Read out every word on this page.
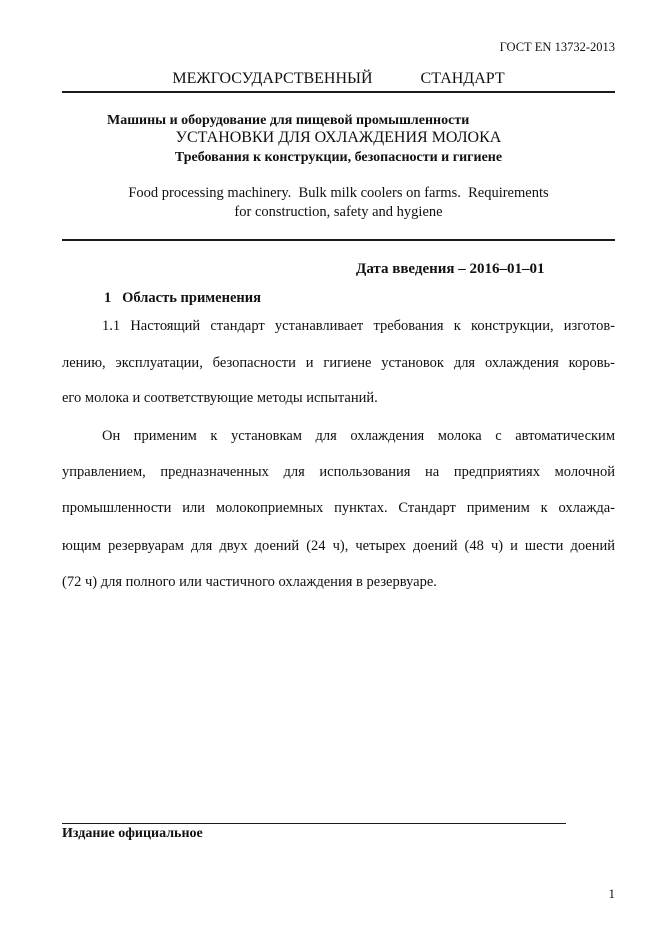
ГОСТ EN 13732-2013
МЕЖГОСУДАРСТВЕННЫЙ      СТАНДАРТ
Машины и оборудование для пищевой промышленности
УСТАНОВКИ ДЛЯ ОХЛАЖДЕНИЯ МОЛОКА
Требования к конструкции, безопасности и гигиене
Food processing machinery.  Bulk milk coolers on farms.  Requirements
for construction, safety and hygiene
Дата введения – 2016–01–01
1   Область применения
1.1 Настоящий стандарт устанавливает требования к конструкции, изготов-
лению, эксплуатации, безопасности и гигиене установок для охлаждения коровь-
его молока и соответствующие методы испытаний.
Он применим к установкам для охлаждения молока с автоматическим
управлением, предназначенных для использования на предприятиях молочной
промышленности или молокоприемных пунктах. Стандарт применим к охлажда-
ющим резервуарам для двух доений (24 ч), четырех доений (48 ч) и шести доений
(72 ч) для полного или частичного охлаждения в резервуаре.
Издание официальное
1
